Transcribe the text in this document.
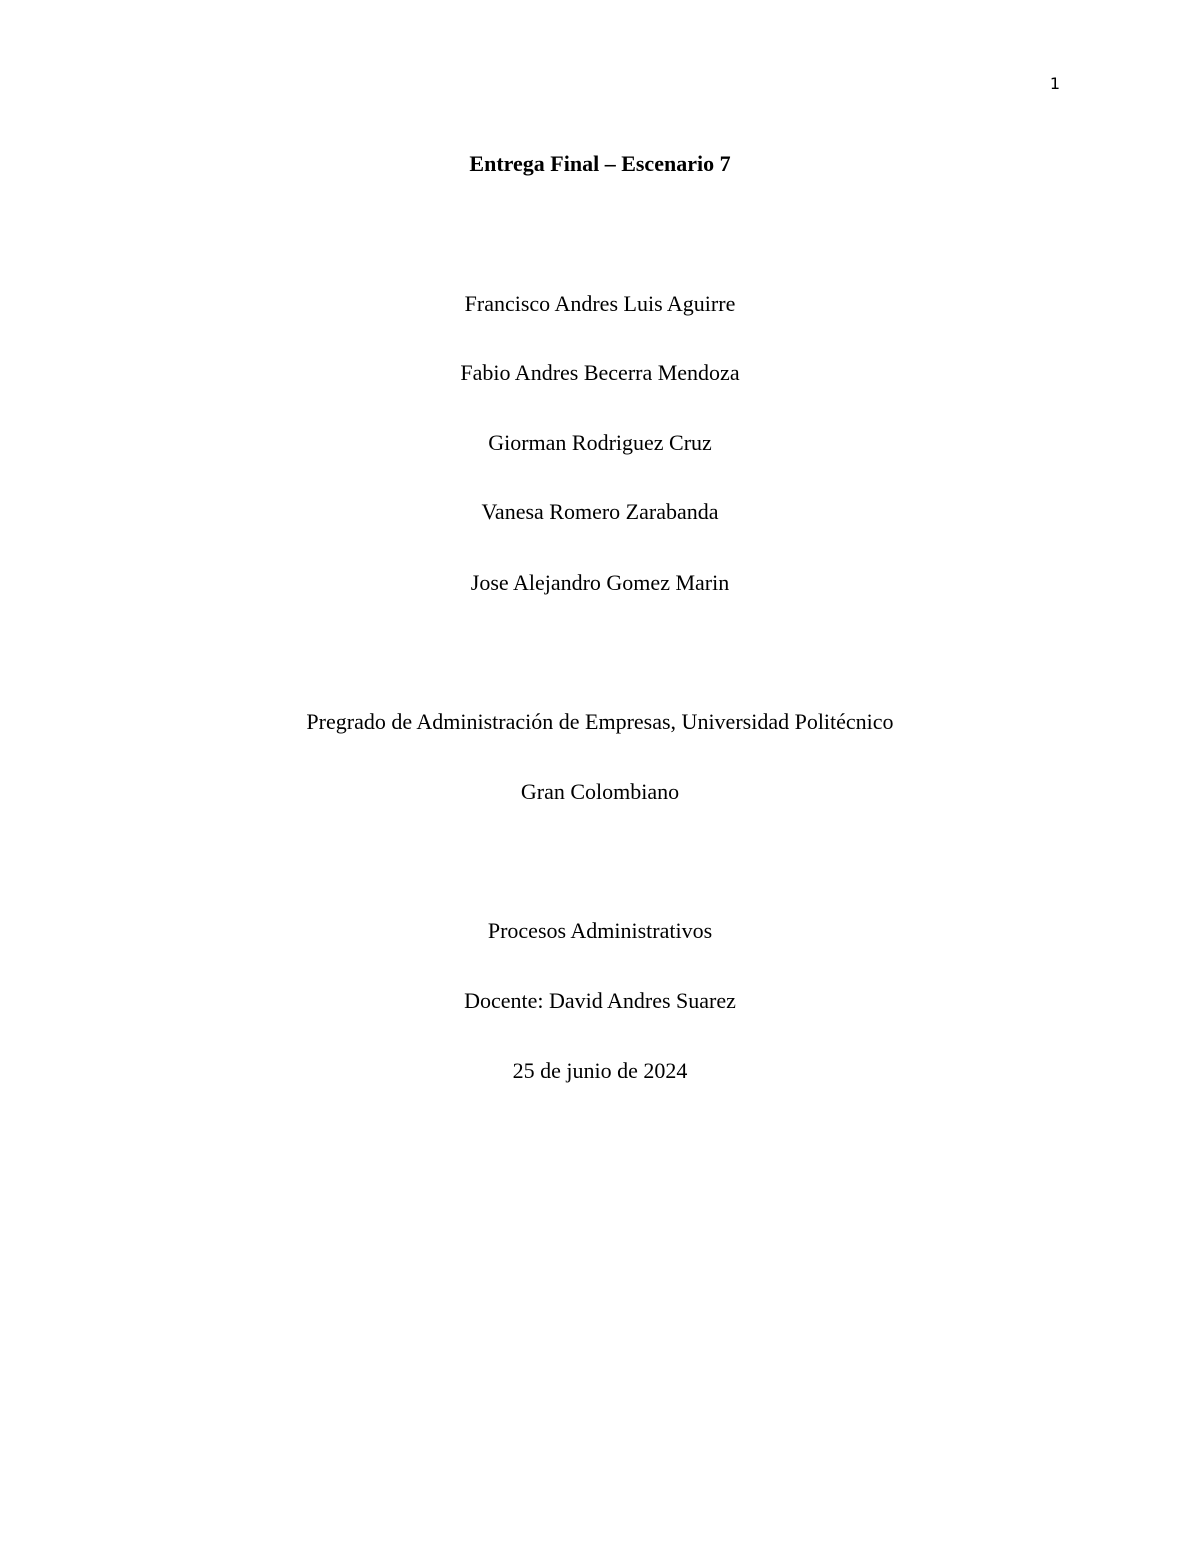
1
Entrega Final – Escenario 7
Francisco Andres Luis Aguirre
Fabio Andres Becerra Mendoza
Giorman Rodriguez Cruz
Vanesa Romero Zarabanda
Jose Alejandro Gomez Marin
Pregrado de Administración de Empresas, Universidad Politécnico
Gran Colombiano
Procesos Administrativos
Docente: David Andres Suarez
25 de junio de 2024
